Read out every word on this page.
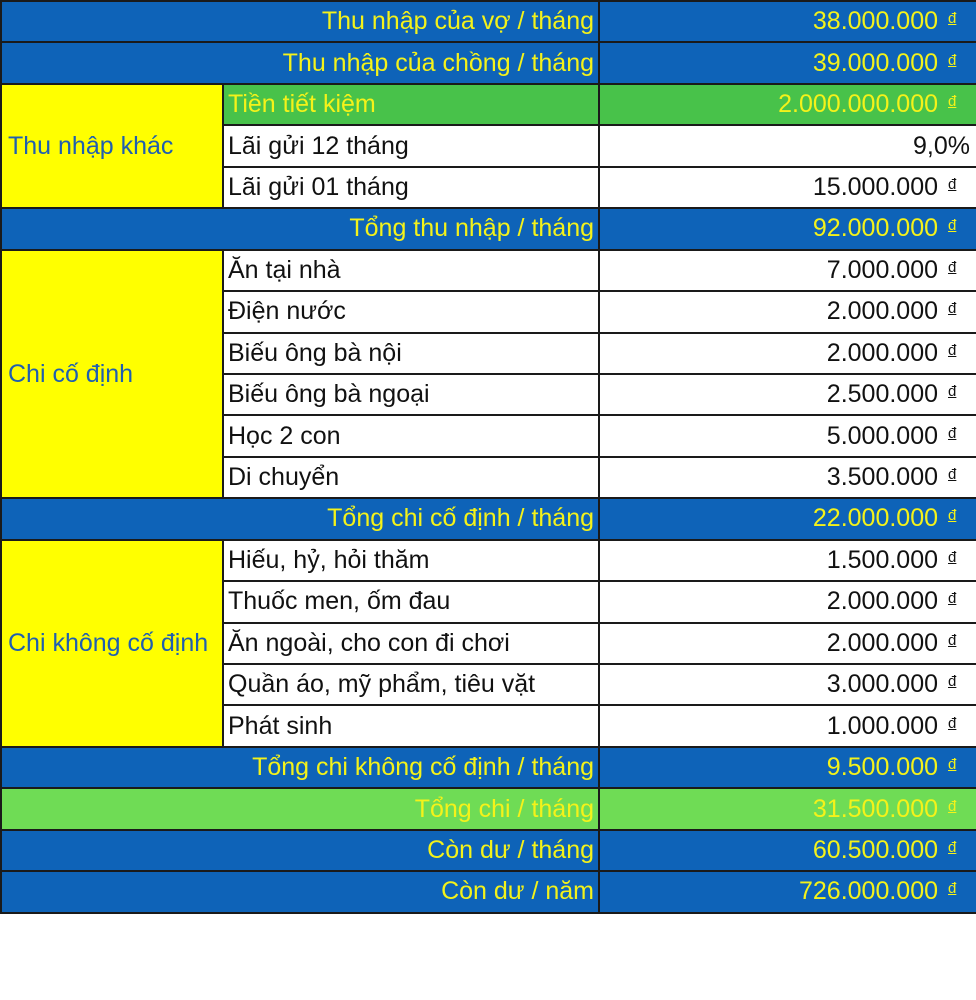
Thu nhập của vợ / tháng		38.000.000 đ
Thu nhập của chồng / tháng		39.000.000 đ
Thu nhập khác	Tiền tiết kiệm	2.000.000.000 đ
	Lãi gửi 12 tháng	9,0%
	Lãi gửi 01 tháng	15.000.000 đ
Tổng thu nhập / tháng		92.000.000 đ
Chi cố định	Ăn tại nhà	7.000.000 đ
	Điện nước	2.000.000 đ
	Biếu ông bà nội	2.000.000 đ
	Biếu ông bà ngoại	2.500.000 đ
	Học 2 con	5.000.000 đ
	Di chuyển	3.500.000 đ
Tổng chi cố định / tháng		22.000.000 đ
Chi không cố định	Hiếu, hỷ, hỏi thăm	1.500.000 đ
	Thuốc men, ốm đau	2.000.000 đ
	Ăn ngoài, cho con đi chơi	2.000.000 đ
	Quần áo, mỹ phẩm, tiêu vặt	3.000.000 đ
	Phát sinh	1.000.000 đ
Tổng chi không cố định / tháng		9.500.000 đ
Tổng chi / tháng		31.500.000 đ
Còn dư / tháng		60.500.000 đ
Còn dư / năm		726.000.000 đ
